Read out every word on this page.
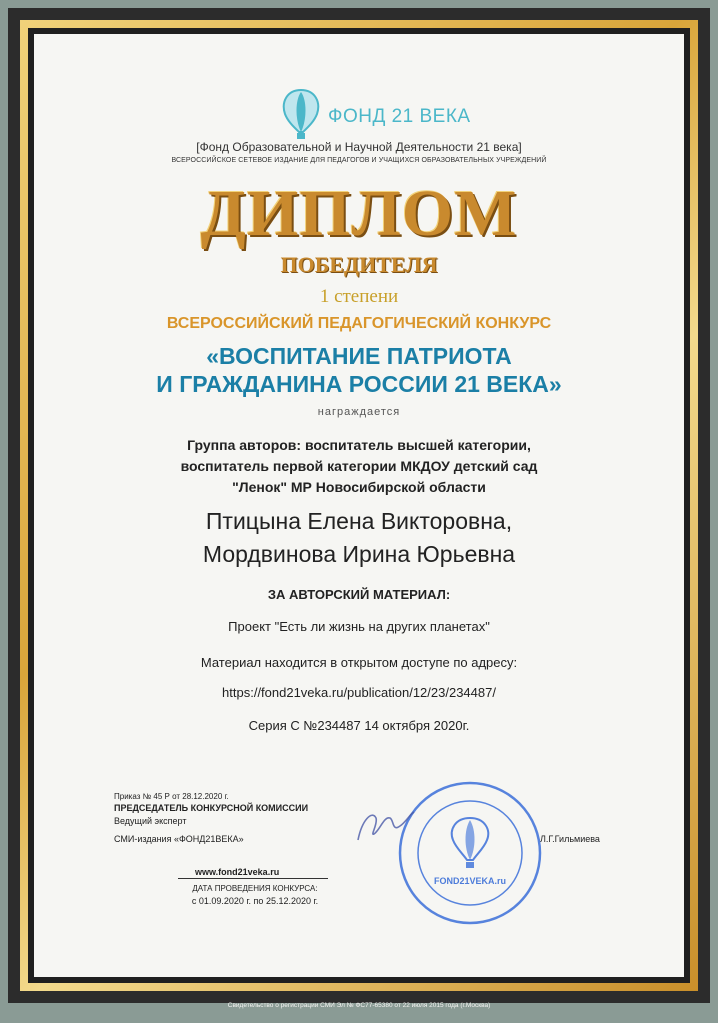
ФОНД 21 ВЕКА
[Фонд Образовательной и Научной Деятельности 21 века]
ВСЕРОССИЙСКОЕ СЕТЕВОЕ ИЗДАНИЕ ДЛЯ ПЕДАГОГОВ И УЧАЩИХСЯ ОБРАЗОВАТЕЛЬНЫХ УЧРЕЖДЕНИЙ
ДИПЛОМ
ПОБЕДИТЕЛЯ
1 степени
ВСЕРОССИЙСКИЙ ПЕДАГОГИЧЕСКИЙ КОНКУРС
«ВОСПИТАНИЕ ПАТРИОТА
И ГРАЖДАНИНА РОССИИ 21 ВЕКА»
награждается
Группа авторов: воспитатель высшей категории,
воспитатель первой категории МКДОУ детский сад
"Ленок" МР Новосибирской области
Птицына Елена Викторовна,
Мордвинова Ирина Юрьевна
ЗА АВТОРСКИЙ МАТЕРИАЛ:
Проект "Есть ли жизнь на других планетах"
Материал находится в открытом доступе по адресу:
https://fond21veka.ru/publication/12/23/234487/
Серия С №234487 14 октября 2020г.
Приказ № 45 Р от 28.12.2020 г.
ПРЕДСЕДАТЕЛЬ КОНКУРСНОЙ КОМИССИИ
Ведущий эксперт
СМИ-издания «ФОНД21ВЕКА»	Л.Г.Гильмиева
FOND21VEKA.ru
www.fond21veka.ru
ДАТА ПРОВЕДЕНИЯ КОНКУРСА:
с 01.09.2020 г. по 25.12.2020 г.
Свидетельство о регистрации СМИ Эл № ФС77-65380 от 22 июля 2015 года (г.Москва)
